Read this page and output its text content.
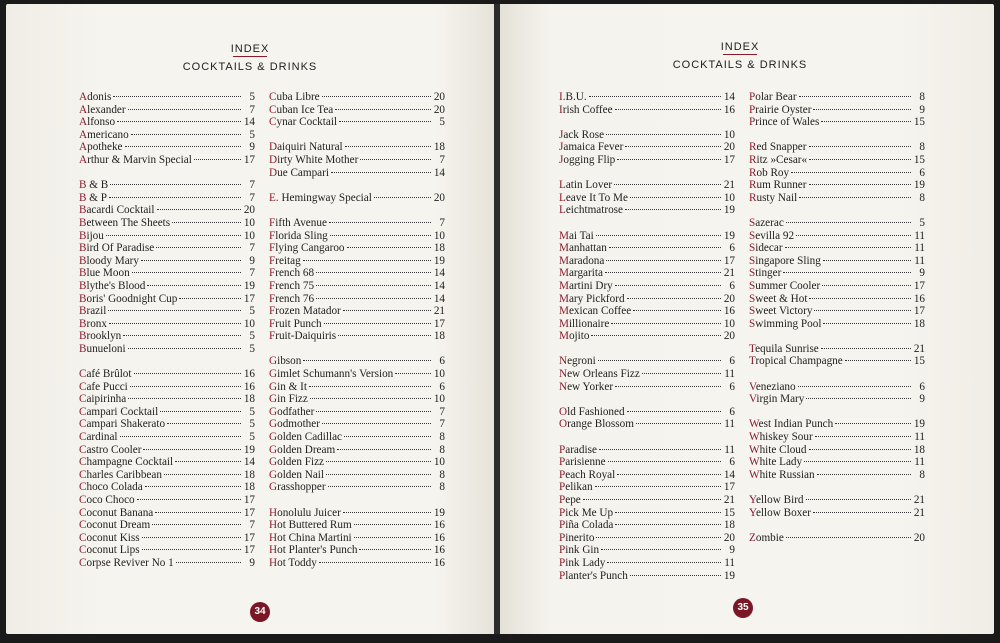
INDEX
COCKTAILS & DRINKS
Adonis	5
Alexander	7
Alfonso	14
Americano	5
Apotheke	9
Arthur & Marvin Special	17
B & B	7
B & P	7
Bacardi Cocktail	20
Between The Sheets	10
Bijou	10
Bird Of Paradise	7
Bloody Mary	9
Blue Moon	7
Blythe's Blood	19
Boris' Goodnight Cup	17
Brazil	5
Bronx	10
Brooklyn	5
Bunueloni	5
Café Brûlot	16
Cafe Pucci	16
Caipirinha	18
Campari Cocktail	5
Campari Shakerato	5
Cardinal	5
Castro Cooler	19
Champagne Cocktail	14
Charles Caribbean	18
Choco Colada	18
Coco Choco	17
Coconut Banana	17
Coconut Dream	7
Coconut Kiss	17
Coconut Lips	17
Corpse Reviver No 1	9
Cuba Libre	20
Cuban Ice Tea	20
Cynar Cocktail	5
Daiquiri Natural	18
Dirty White Mother	7
Due Campari	14
E. Hemingway Special	20
Fifth Avenue	7
Florida Sling	10
Flying Cangaroo	18
Freitag	19
French 68	14
French 75	14
French 76	14
Frozen Matador	21
Fruit Punch	17
Fruit-Daiquiris	18
Gibson	6
Gimlet Schumann's Version	10
Gin & It	6
Gin Fizz	10
Godfather	7
Godmother	7
Golden Cadillac	8
Golden Dream	8
Golden Fizz	10
Golden Nail	8
Grasshopper	8
Honolulu Juicer	19
Hot Buttered Rum	16
Hot China Martini	16
Hot Planter's Punch	16
Hot Toddy	16
34
INDEX
COCKTAILS & DRINKS
I.B.U.	14
Irish Coffee	16
Jack Rose	10
Jamaica Fever	20
Jogging Flip	17
Latin Lover	21
Leave It To Me	10
Leichtmatrose	19
Mai Tai	19
Manhattan	6
Maradona	17
Margarita	21
Martini Dry	6
Mary Pickford	20
Mexican Coffee	16
Millionaire	10
Mojito	20
Negroni	6
New Orleans Fizz	11
New Yorker	6
Old Fashioned	6
Orange Blossom	11
Paradise	11
Parisienne	6
Peach Royal	14
Pelikan	17
Pepe	21
Pick Me Up	15
Piña Colada	18
Pinerito	20
Pink Gin	9
Pink Lady	11
Planter's Punch	19
Polar Bear	8
Prairie Oyster	9
Prince of Wales	15
Red Snapper	8
Ritz »Cesar«	15
Rob Roy	6
Rum Runner	19
Rusty Nail	8
Sazerac	5
Sevilla 92	11
Sidecar	11
Singapore Sling	11
Stinger	9
Summer Cooler	17
Sweet & Hot	16
Sweet Victory	17
Swimming Pool	18
Tequila Sunrise	21
Tropical Champagne	15
Veneziano	6
Virgin Mary	9
West Indian Punch	19
Whiskey Sour	11
White Cloud	18
White Lady	11
White Russian	8
Yellow Bird	21
Yellow Boxer	21
Zombie	20
35
